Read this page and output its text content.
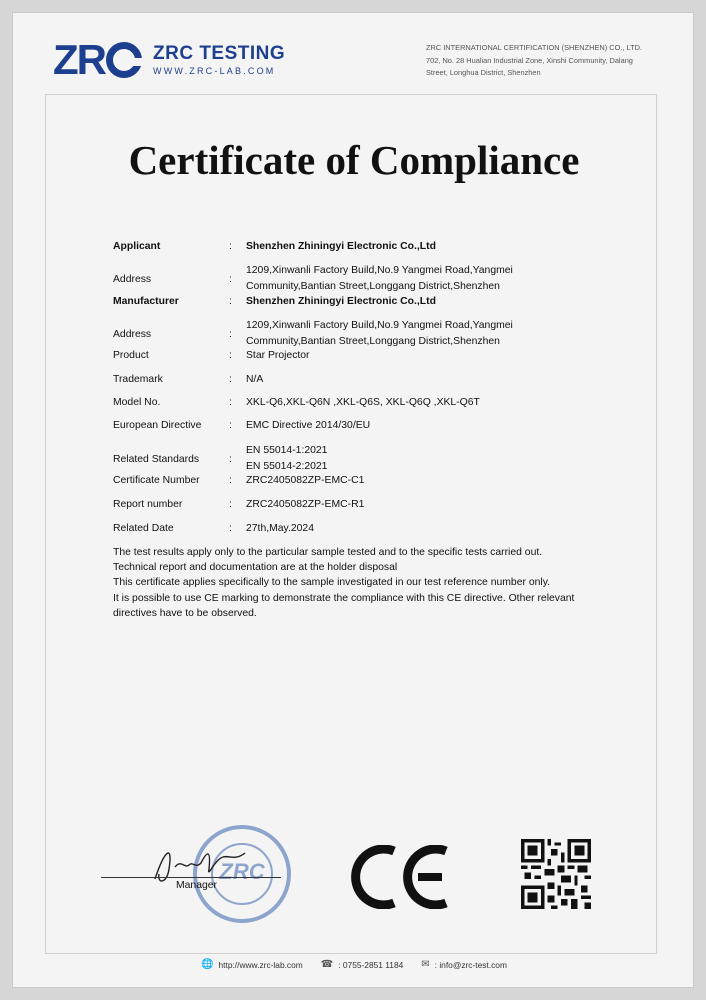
Z R	ZRC TESTING
WWW.ZRC-LAB.COM
ZRC INTERNATIONAL CERTIFICATION (SHENZHEN) CO., LTD.
702, No. 28 Hualian Industrial Zone, Xinshi Community, Dalang
Street, Longhua District, Shenzhen
Certificate of Compliance
Applicant	: Shenzhen Zhiningyi Electronic Co.,Ltd
Address	:
1209,Xinwanli Factory Build,No.9 Yangmei Road,Yangmei Community,Bantian Street,Longgang District,Shenzhen
Manufacturer	: Shenzhen Zhiningyi Electronic Co.,Ltd
Address	:
1209,Xinwanli Factory Build,No.9 Yangmei Road,Yangmei Community,Bantian Street,Longgang District,Shenzhen
Product	: Star Projector
Trademark	: N/A
Model No.	: XKL-Q6,XKL-Q6N ,XKL-Q6S, XKL-Q6Q ,XKL-Q6T
European Directive	: EMC Directive 2014/30/EU
Related Standards	:
EN 55014-1:2021
EN 55014-2:2021
Certificate Number	: ZRC2405082ZP-EMC-C1
Report number	: ZRC2405082ZP-EMC-R1
Related Date	: 27th,May.2024
The test results apply only to the particular sample tested and to the specific tests carried out.
Technical report and documentation are at the holder disposal
This certificate applies specifically to the sample investigated in our test reference number only.
It is possible to use CE marking to demonstrate the compliance with this CE directive. Other relevant directives have to be observed.
ZRC
Manager
🌐 http://www.zrc-lab.com ☎ : 0755-2851 1184 ✉ : info@zrc-test.com
